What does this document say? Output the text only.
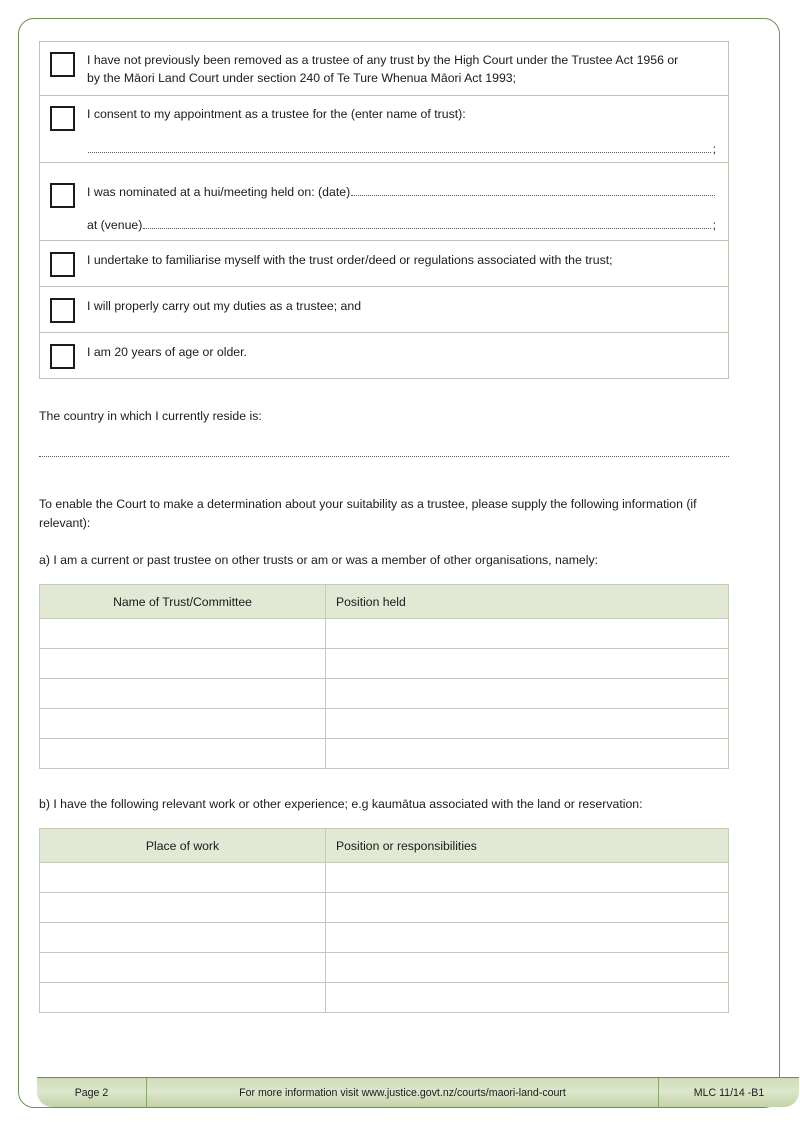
I have not previously been removed as a trustee of any trust by the High Court under the Trustee Act 1956 or
by the Māori Land Court under section 240 of Te Ture Whenua Māori Act 1993;

I consent to my appointment as a trustee for the (enter name of trust):
;

I was nominated at a hui/meeting held on: (date)
at (venue)	;

I undertake to familiarise myself with the trust order/deed or regulations associated with the trust;

I will properly carry out my duties as a trustee; and

I am 20 years of age or older.

The country in which I currently reside is:

To enable the Court to make a determination about your suitability as a trustee, please supply the following information (if relevant):

a) I am a current or past trustee on other trusts or am or was a member of other organisations, namely:

Name of Trust/Committee	Position held

b) I have the following relevant work or other experience; e.g kaumātua associated with the land or reservation:

Place of work	Position or responsibilities

Page 2	For more information visit www.justice.govt.nz/courts/maori-land-court	MLC 11/14 -B1
